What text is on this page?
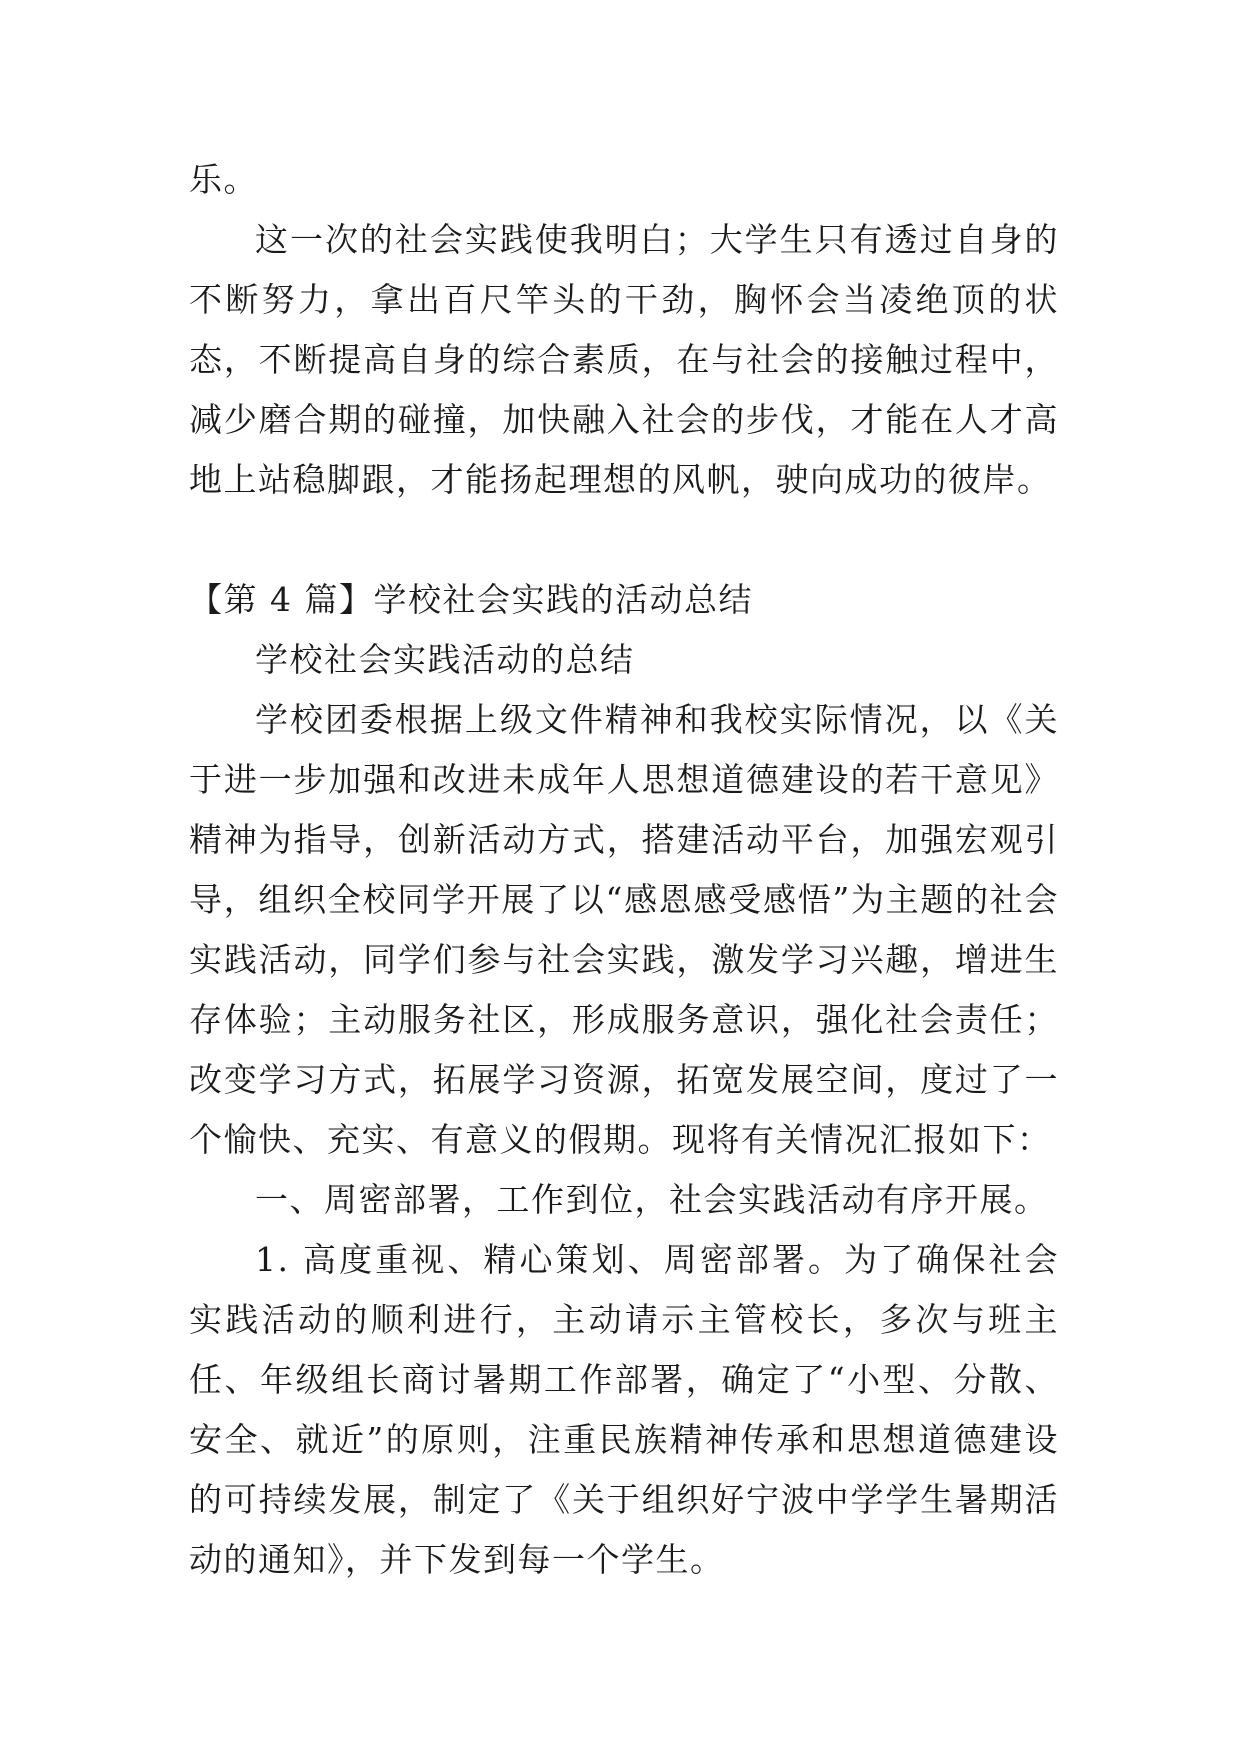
乐。

这一次的社会实践使我明白；大学生只有透过自身的不断努力，拿出百尺竿头的干劲，胸怀会当凌绝顶的状态，不断提高自身的综合素质，在与社会的接触过程中，减少磨合期的碰撞，加快融入社会的步伐，才能在人才高地上站稳脚跟，才能扬起理想的风帆，驶向成功的彼岸。

【第 4 篇】学校社会实践的活动总结

学校社会实践活动的总结

学校团委根据上级文件精神和我校实际情况，以《关于进一步加强和改进未成年人思想道德建设的若干意见》精神为指导，创新活动方式，搭建活动平台，加强宏观引导，组织全校同学开展了以“感恩感受感悟”为主题的社会实践活动，同学们参与社会实践，激发学习兴趣，增进生存体验；主动服务社区，形成服务意识，强化社会责任；改变学习方式，拓展学习资源，拓宽发展空间，度过了一个愉快、充实、有意义的假期。现将有关情况汇报如下：

一、周密部署，工作到位，社会实践活动有序开展。

1. 高度重视、精心策划、周密部署。为了确保社会实践活动的顺利进行，主动请示主管校长，多次与班主任、年级组长商讨暑期工作部署，确定了“小型、分散、安全、就近”的原则，注重民族精神传承和思想道德建设的可持续发展，制定了《关于组织好宁波中学学生暑期活动的通知》，并下发到每一个学生。
